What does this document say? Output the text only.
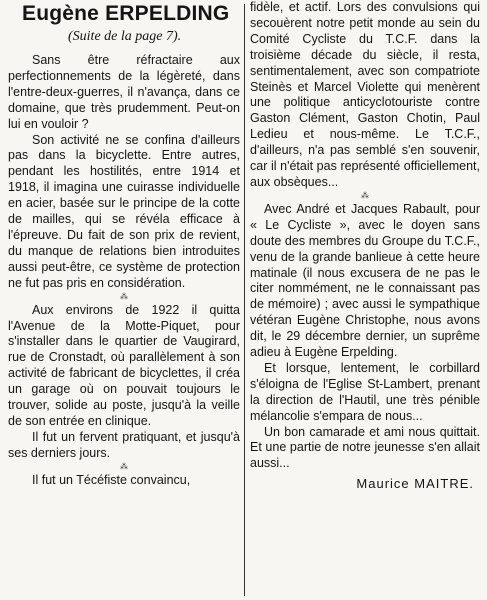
Eugène ERPELDING
(Suite de la page 7).

Sans être réfractaire aux perfectionnements de la légèreté, dans l'entre-deux-guerres, il n'avança, dans ce domaine, que très prudemment. Peut-on lui en vouloir ?

Son activité ne se confina d'ailleurs pas dans la bicyclette. Entre autres, pendant les hostilités, entre 1914 et 1918, il imagina une cuirasse individuelle en acier, basée sur le principe de la cotte de mailles, qui se révéla efficace à l'épreuve. Du fait de son prix de revient, du manque de relations bien introduites aussi peut-être, ce système de protection ne fut pas pris en considération.

⁂

Aux environs de 1922 il quitta l'Avenue de la Motte-Piquet, pour s'installer dans le quartier de Vaugirard, rue de Cronstadt, où parallèlement à son activité de fabricant de bicyclettes, il créa un garage où on pouvait toujours le trouver, solide au poste, jusqu'à la veille de son entrée en clinique.

Il fut un fervent pratiquant, et jusqu'à ses derniers jours.

⁂

Il fut un Técéfiste convaincu,

fidèle, et actif. Lors des convulsions qui secouèrent notre petit monde au sein du Comité Cycliste du T.C.F. dans la troisième décade du siècle, il resta, sentimentalement, avec son compatriote Steinès et Marcel Violette qui menèrent une politique anticyclotouriste contre Gaston Clément, Gaston Chotin, Paul Ledieu et nous-même. Le T.C.F., d'ailleurs, n'a pas semblé s'en souvenir, car il n'était pas représenté officiellement, aux obsèques...

⁂

Avec André et Jacques Rabault, pour « Le Cycliste », avec le doyen sans doute des membres du Groupe du T.C.F., venu de la grande banlieue à cette heure matinale (il nous excusera de ne pas le citer nommément, ne le connaissant pas de mémoire) ; avec aussi le sympathique vétéran Eugène Christophe, nous avons dit, le 29 décembre dernier, un suprême adieu à Eugène Erpelding.

Et lorsque, lentement, le corbillard s'éloigna de l'Eglise St-Lambert, prenant la direction de l'Hautil, une très pénible mélancolie s'empara de nous...

Un bon camarade et ami nous quittait. Et une partie de notre jeunesse s'en allait aussi...

Maurice MAITRE.
